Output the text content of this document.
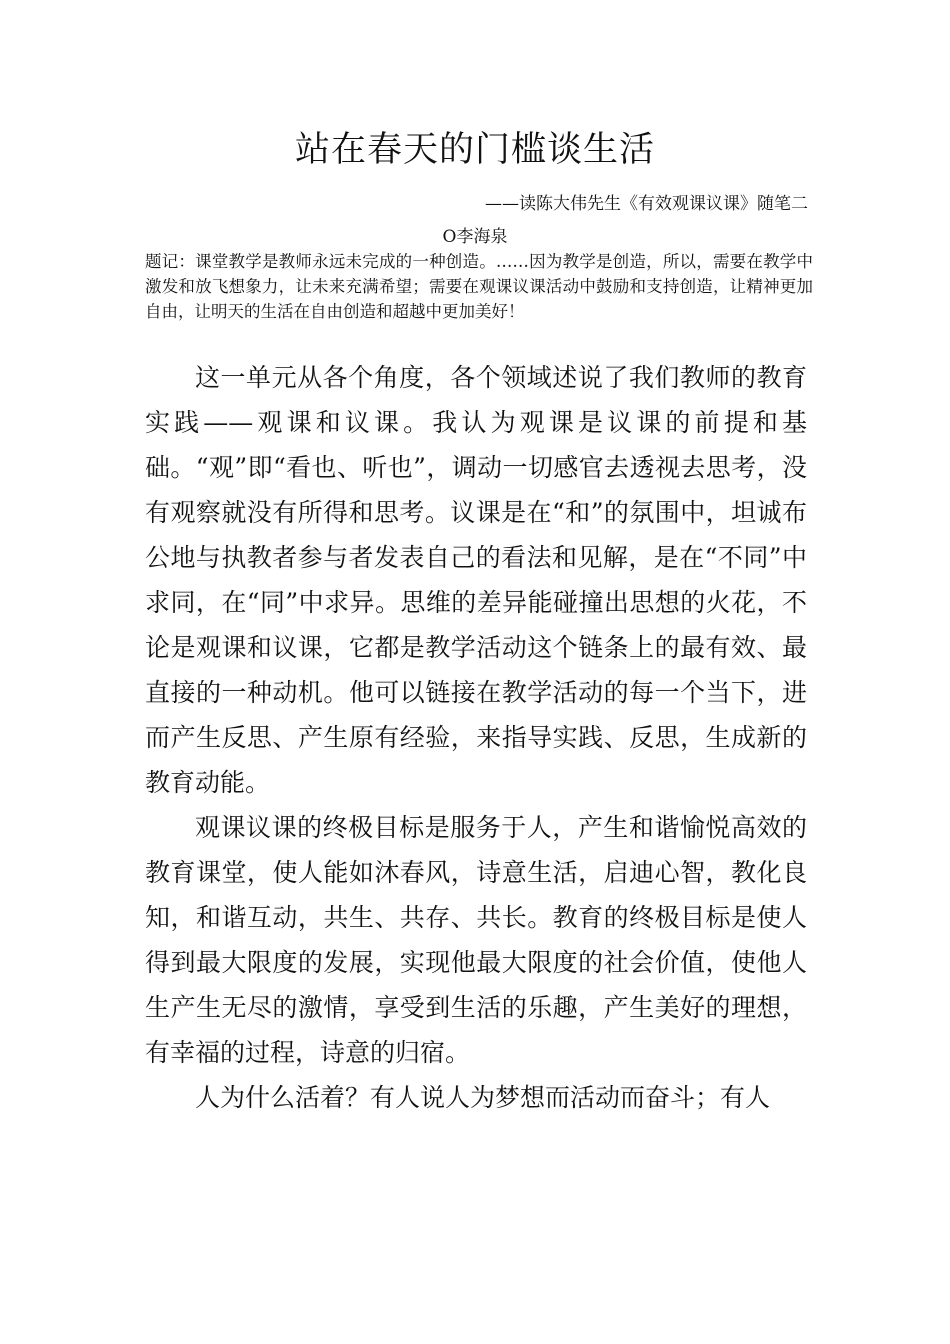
站在春天的门槛谈生活
——读陈大伟先生《有效观课议课》随笔二
O李海泉
题记：课堂教学是教师永远未完成的一种创造。……因为教学是创造，所以，需要在教学中激发和放飞想象力，让未来充满希望；需要在观课议课活动中鼓励和支持创造，让精神更加自由，让明天的生活在自由创造和超越中更加美好！

这一单元从各个角度，各个领域述说了我们教师的教育实践——观课和议课。我认为观课是议课的前提和基础。“观”即“看也、听也”，调动一切感官去透视去思考，没有观察就没有所得和思考。议课是在“和”的氛围中，坦诚布公地与执教者参与者发表自己的看法和见解，是在“不同”中求同，在“同”中求异。思维的差异能碰撞出思想的火花，不论是观课和议课，它都是教学活动这个链条上的最有效、最直接的一种动机。他可以链接在教学活动的每一个当下，进而产生反思、产生原有经验，来指导实践、反思，生成新的教育动能。

观课议课的终极目标是服务于人，产生和谐愉悦高效的教育课堂，使人能如沐春风，诗意生活，启迪心智，教化良知，和谐互动，共生、共存、共长。教育的终极目标是使人得到最大限度的发展，实现他最大限度的社会价值，使他人生产生无尽的激情，享受到生活的乐趣，产生美好的理想，有幸福的过程，诗意的归宿。

人为什么活着？有人说人为梦想而活动而奋斗；有人
